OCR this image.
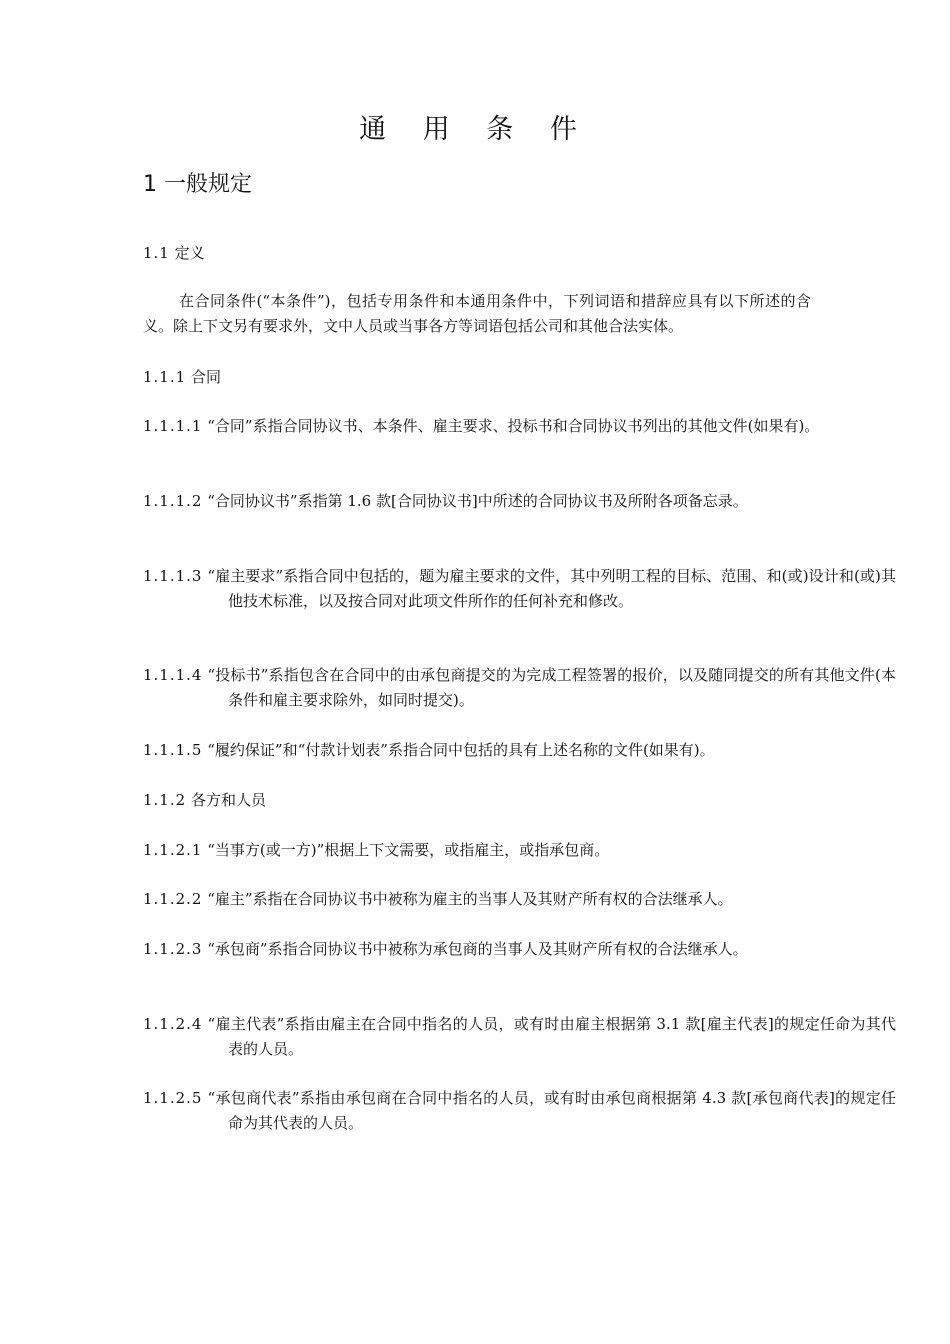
通 用 条 件
1 一般规定
1.1 定义
在合同条件(“本条件”)，包括专用条件和本通用条件中，下列词语和措辞应具有以下所述的含义。除上下文另有要求外，文中人员或当事各方等词语包括公司和其他合法实体。
1.1.1 合同
1.1.1.1 “合同”系指合同协议书、本条件、雇主要求、投标书和合同协议书列出的其他文件(如果有)。
1.1.1.2 “合同协议书”系指第 1.6 款[合同协议书]中所述的合同协议书及所附各项备忘录。
1.1.1.3 “雇主要求”系指合同中包括的，题为雇主要求的文件，其中列明工程的目标、范围、和(或)设计和(或)其他技术标准，以及按合同对此项文件所作的任何补充和修改。
1.1.1.4 “投标书”系指包含在合同中的由承包商提交的为完成工程签署的报价，以及随同提交的所有其他文件(本条件和雇主要求除外，如同时提交)。
1.1.1.5 “履约保证”和“付款计划表”系指合同中包括的具有上述名称的文件(如果有)。
1.1.2 各方和人员
1.1.2.1 “当事方(或一方)”根据上下文需要，或指雇主，或指承包商。
1.1.2.2 “雇主”系指在合同协议书中被称为雇主的当事人及其财产所有权的合法继承人。
1.1.2.3 “承包商”系指合同协议书中被称为承包商的当事人及其财产所有权的合法继承人。
1.1.2.4 “雇主代表”系指由雇主在合同中指名的人员，或有时由雇主根据第 3.1 款[雇主代表]的规定任命为其代表的人员。
1.1.2.5 “承包商代表”系指由承包商在合同中指名的人员，或有时由承包商根据第 4.3 款[承包商代表]的规定任命为其代表的人员。
